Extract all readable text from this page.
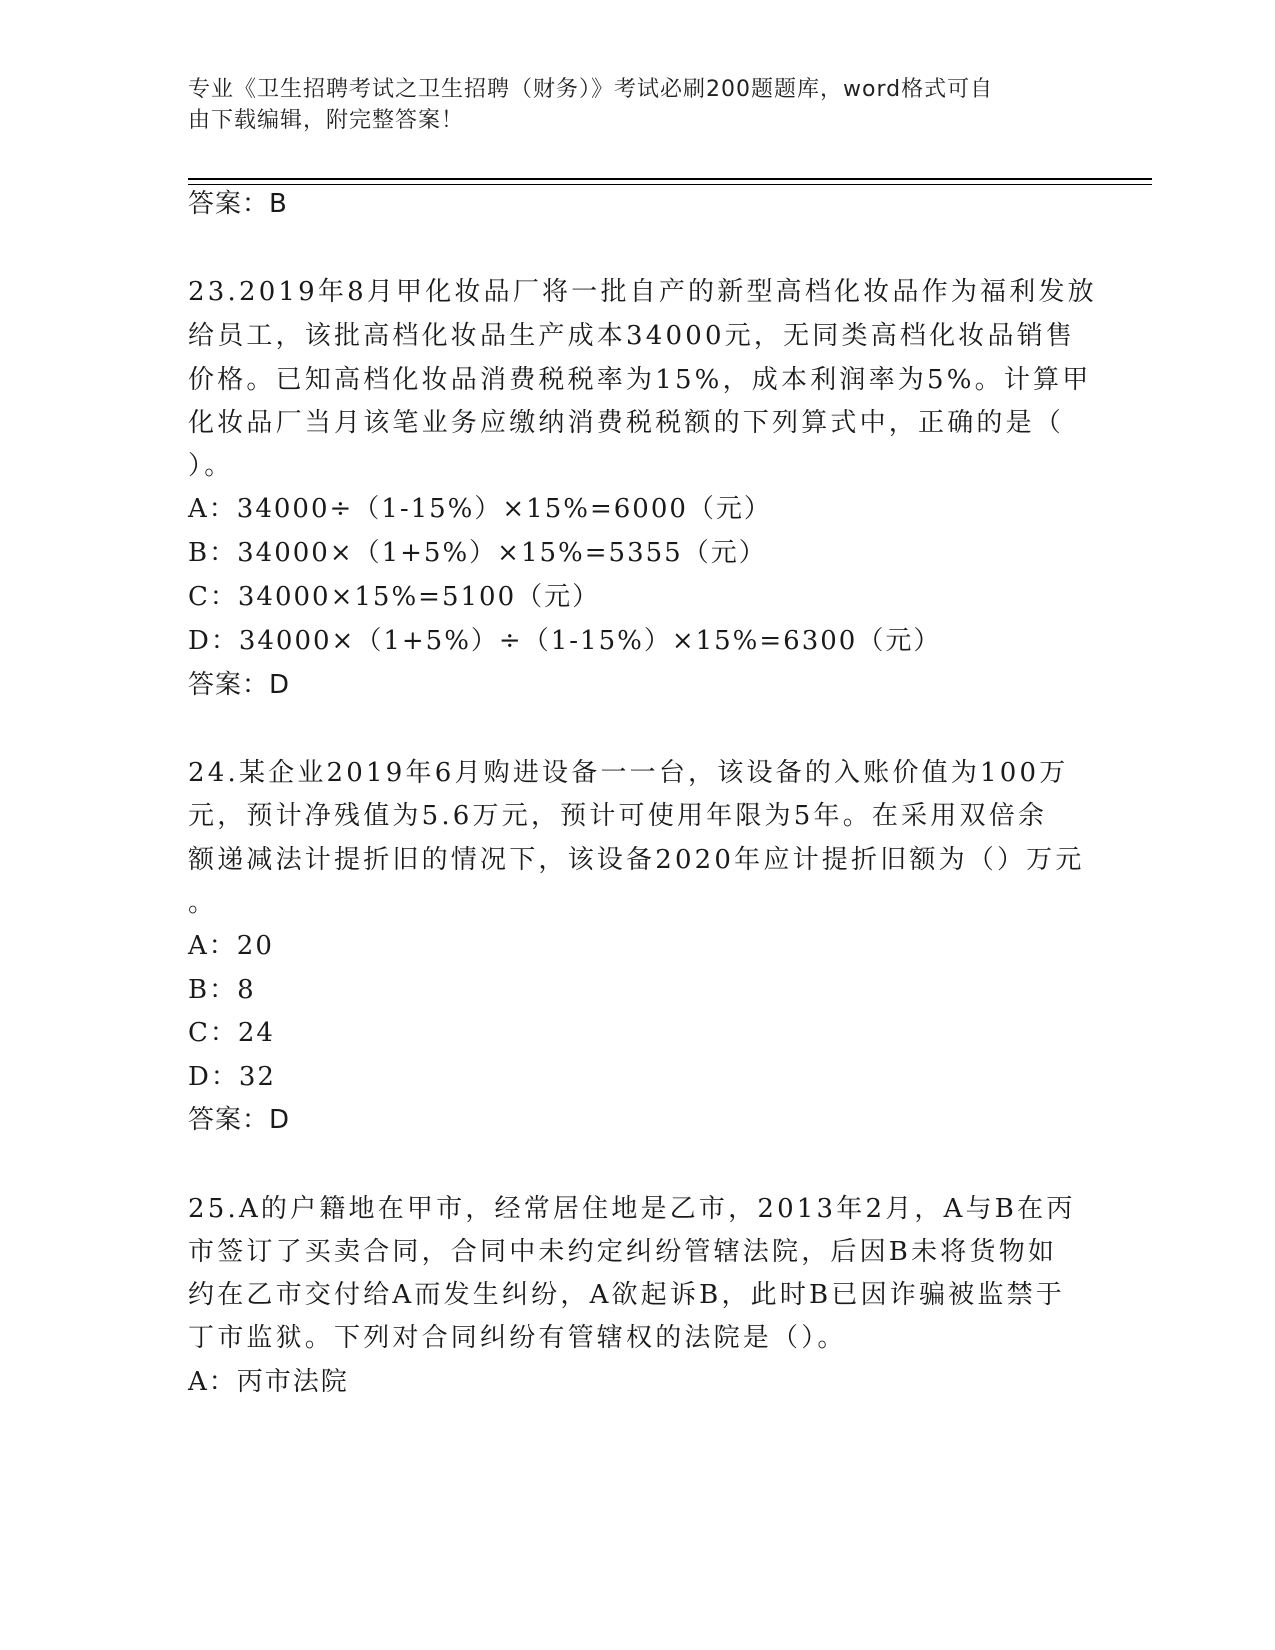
专业《卫生招聘考试之卫生招聘（财务）》考试必刷200题题库，word格式可自
由下载编辑，附完整答案！
答案：B
23.2019年8月甲化妆品厂将一批自产的新型高档化妆品作为福利发放
给员工，该批高档化妆品生产成本34000元，无同类高档化妆品销售
价格。已知高档化妆品消费税税率为15%，成本利润率为5%。计算甲
化妆品厂当月该笔业务应缴纳消费税税额的下列算式中，正确的是（
）。
A：34000÷（1-15%）×15%=6000（元）
B：34000×（1+5%）×15%=5355（元）
C：34000×15%=5100（元）
D：34000×（1+5%）÷（1-15%）×15%=6300（元）
答案：D
24.某企业2019年6月购进设备一一台，该设备的入账价值为100万
元，预计净残值为5.6万元，预计可使用年限为5年。在采用双倍余
额递减法计提折旧的情况下，该设备2020年应计提折旧额为（）万元
。
A：20
B：8
C：24
D：32
答案：D
25.A的户籍地在甲市，经常居住地是乙市，2013年2月，A与B在丙
市签订了买卖合同，合同中未约定纠纷管辖法院，后因B未将货物如
约在乙市交付给A而发生纠纷，A欲起诉B，此时B已因诈骗被监禁于
丁市监狱。下列对合同纠纷有管辖权的法院是（）。
A：丙市法院
